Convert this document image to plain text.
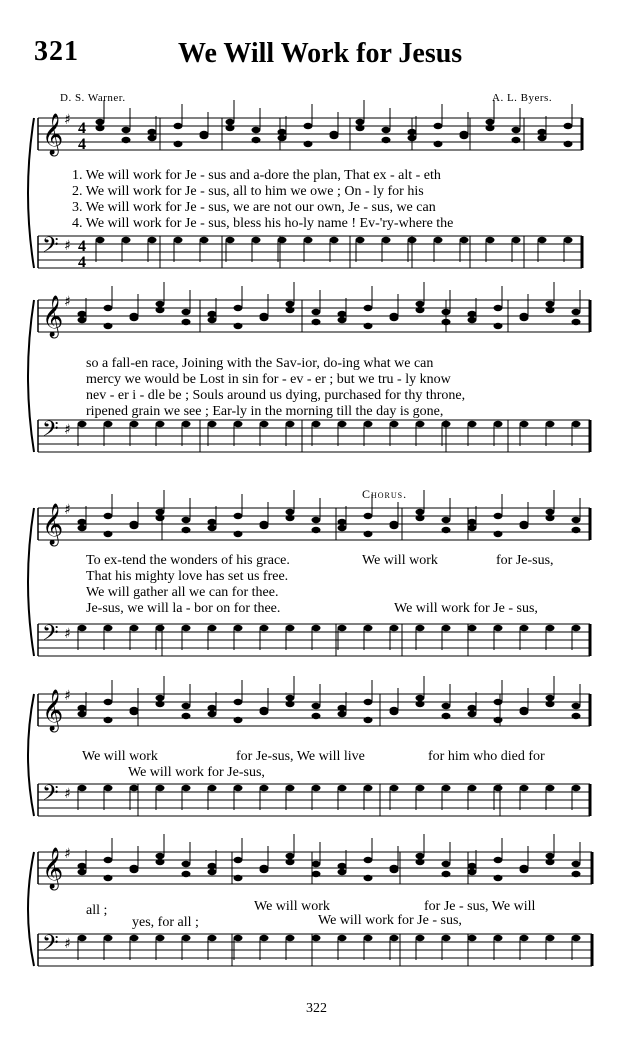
321	We Will Work for Jesus
D. S. Warner.	A. L. Byers.
𝄞 ♯
𝄢 ♯
4
4
4
4
𝄞 ♯
𝄢 ♯
𝄞 ♯
𝄢 ♯
𝄞 ♯
𝄢 ♯
𝄞 ♯
𝄢 ♯
1. We will work for Je - sus and a-dore the plan, That ex - alt - eth
2. We will work for Je - sus, all to him we owe ; On - ly for his
3. We will work for Je - sus, we are not our own, Je - sus, we can
4. We will work for Je - sus, bless his ho-ly name ! Ev-'ry-where the
so a fall-en race, Joining with the Sav-ior, do-ing what we can
mercy we would be Lost in sin for - ev - er ; but we tru - ly know
nev - er i - dle be ; Souls around us dying, purchased for thy throne,
ripened grain we see ; Ear-ly in the morning till the day is gone,
Chorus.
To ex-tend the wonders of his grace.
That his mighty love has set us free.
We will gather all we can for thee.
Je-sus, we will la - bor on for thee.
We will work	for Je-sus,
We will work for Je - sus,
We will work	for Je-sus, We will live	for him who died for
We will work for Je-sus,
all ;	We will work	for Je - sus, We will
yes, for all ;	We will work for Je - sus,
322
